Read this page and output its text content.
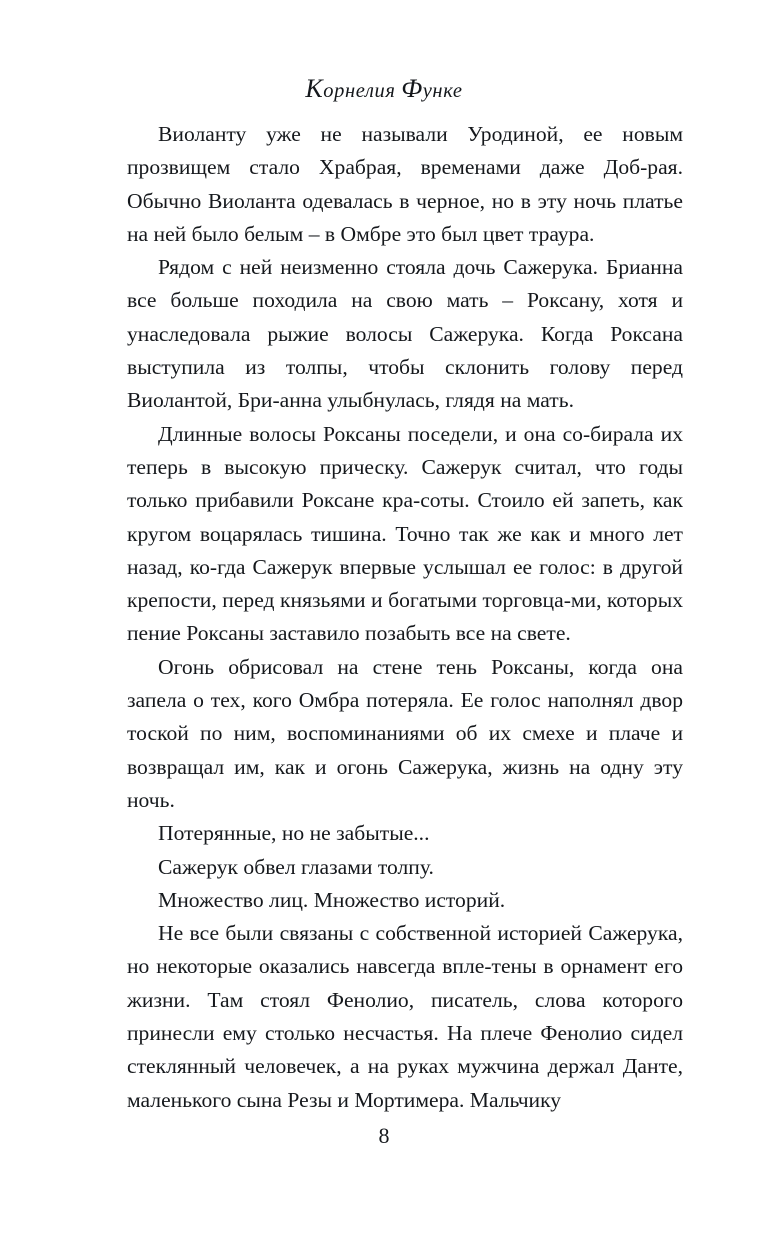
Корнелия Функе

Виоланту уже не называли Уродиной, ее новым прозвищем стало Храбрая, временами даже Доб-рая. Обычно Виоланта одевалась в черное, но в эту ночь платье на ней было белым – в Омбре это был цвет траура.

Рядом с ней неизменно стояла дочь Сажерука. Брианна все больше походила на свою мать – Роксану, хотя и унаследовала рыжие волосы Сажерука. Когда Роксана выступила из толпы, чтобы склонить голову перед Виолантой, Бри-анна улыбнулась, глядя на мать.

Длинные волосы Роксаны поседели, и она со-бирала их теперь в высокую прическу. Сажерук считал, что годы только прибавили Роксане кра-соты. Стоило ей запеть, как кругом воцарялась тишина. Точно так же как и много лет назад, ко-гда Сажерук впервые услышал ее голос: в другой крепости, перед князьями и богатыми торговца-ми, которых пение Роксаны заставило позабыть все на свете.

Огонь обрисовал на стене тень Роксаны, когда она запела о тех, кого Омбра потеряла. Ее голос наполнял двор тоской по ним, воспоминаниями об их смехе и плаче и возвращал им, как и огонь Сажерука, жизнь на одну эту ночь.

Потерянные, но не забытые...

Сажерук обвел глазами толпу.

Множество лиц. Множество историй.

Не все были связаны с собственной историей Сажерука, но некоторые оказались навсегда впле-тены в орнамент его жизни. Там стоял Фенолио, писатель, слова которого принесли ему столько несчастья. На плече Фенолио сидел стеклянный человечек, а на руках мужчина держал Данте, маленького сына Резы и Мортимера. Мальчику

8
